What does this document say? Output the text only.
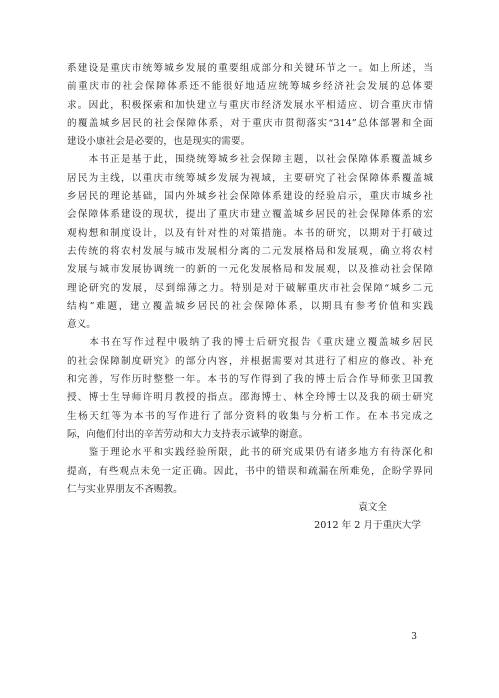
系建设是重庆市统筹城乡发展的重要组成部分和关键环节之一。如上所述，当
前重庆市的社会保障体系还不能很好地适应统筹城乡经济社会发展的总体要
求。因此，积极探索和加快建立与重庆市经济发展水平相适应、切合重庆市情
的覆盖城乡居民的社会保障体系，对于重庆市贯彻落实“314”总体部署和全面
建设小康社会是必要的，也是现实的需要。
　　本书正是基于此，围绕统筹城乡社会保障主题，以社会保障体系覆盖城乡
居民为主线，以重庆市统筹城乡发展为视域，主要研究了社会保障体系覆盖城
乡居民的理论基础，国内外城乡社会保障体系建设的经验启示，重庆市城乡社
会保障体系建设的现状，提出了重庆市建立覆盖城乡居民的社会保障体系的宏
观构想和制度设计，以及有针对性的对策措施。本书的研究，以期对于打破过
去传统的将农村发展与城市发展相分离的二元发展格局和发展观，确立将农村
发展与城市发展协调统一的新的一元化发展格局和发展观，以及推动社会保障
理论研究的发展，尽到绵薄之力。特别是对于破解重庆市社会保障“城乡二元
结构”难题，建立覆盖城乡居民的社会保障体系，以期具有参考价值和实践
意义。
　　本书在写作过程中吸纳了我的博士后研究报告《重庆建立覆盖城乡居民
的社会保障制度研究》的部分内容，并根据需要对其进行了相应的修改、补充
和完善，写作历时整整一年。本书的写作得到了我的博士后合作导师张卫国教
授、博士生导师许明月教授的指点。邵海博士、林全玲博士以及我的硕士研究
生杨天红等为本书的写作进行了部分资料的收集与分析工作。在本书完成之
际，向他们付出的辛苦劳动和大力支持表示诚挚的谢意。
　　鉴于理论水平和实践经验所限，此书的研究成果仍有诸多地方有待深化和
提高，有些观点未免一定正确。因此，书中的错误和疏漏在所难免，企盼学界同
仁与实业界朋友不吝赐教。
袁文全
2012 年 2 月于重庆大学
3
